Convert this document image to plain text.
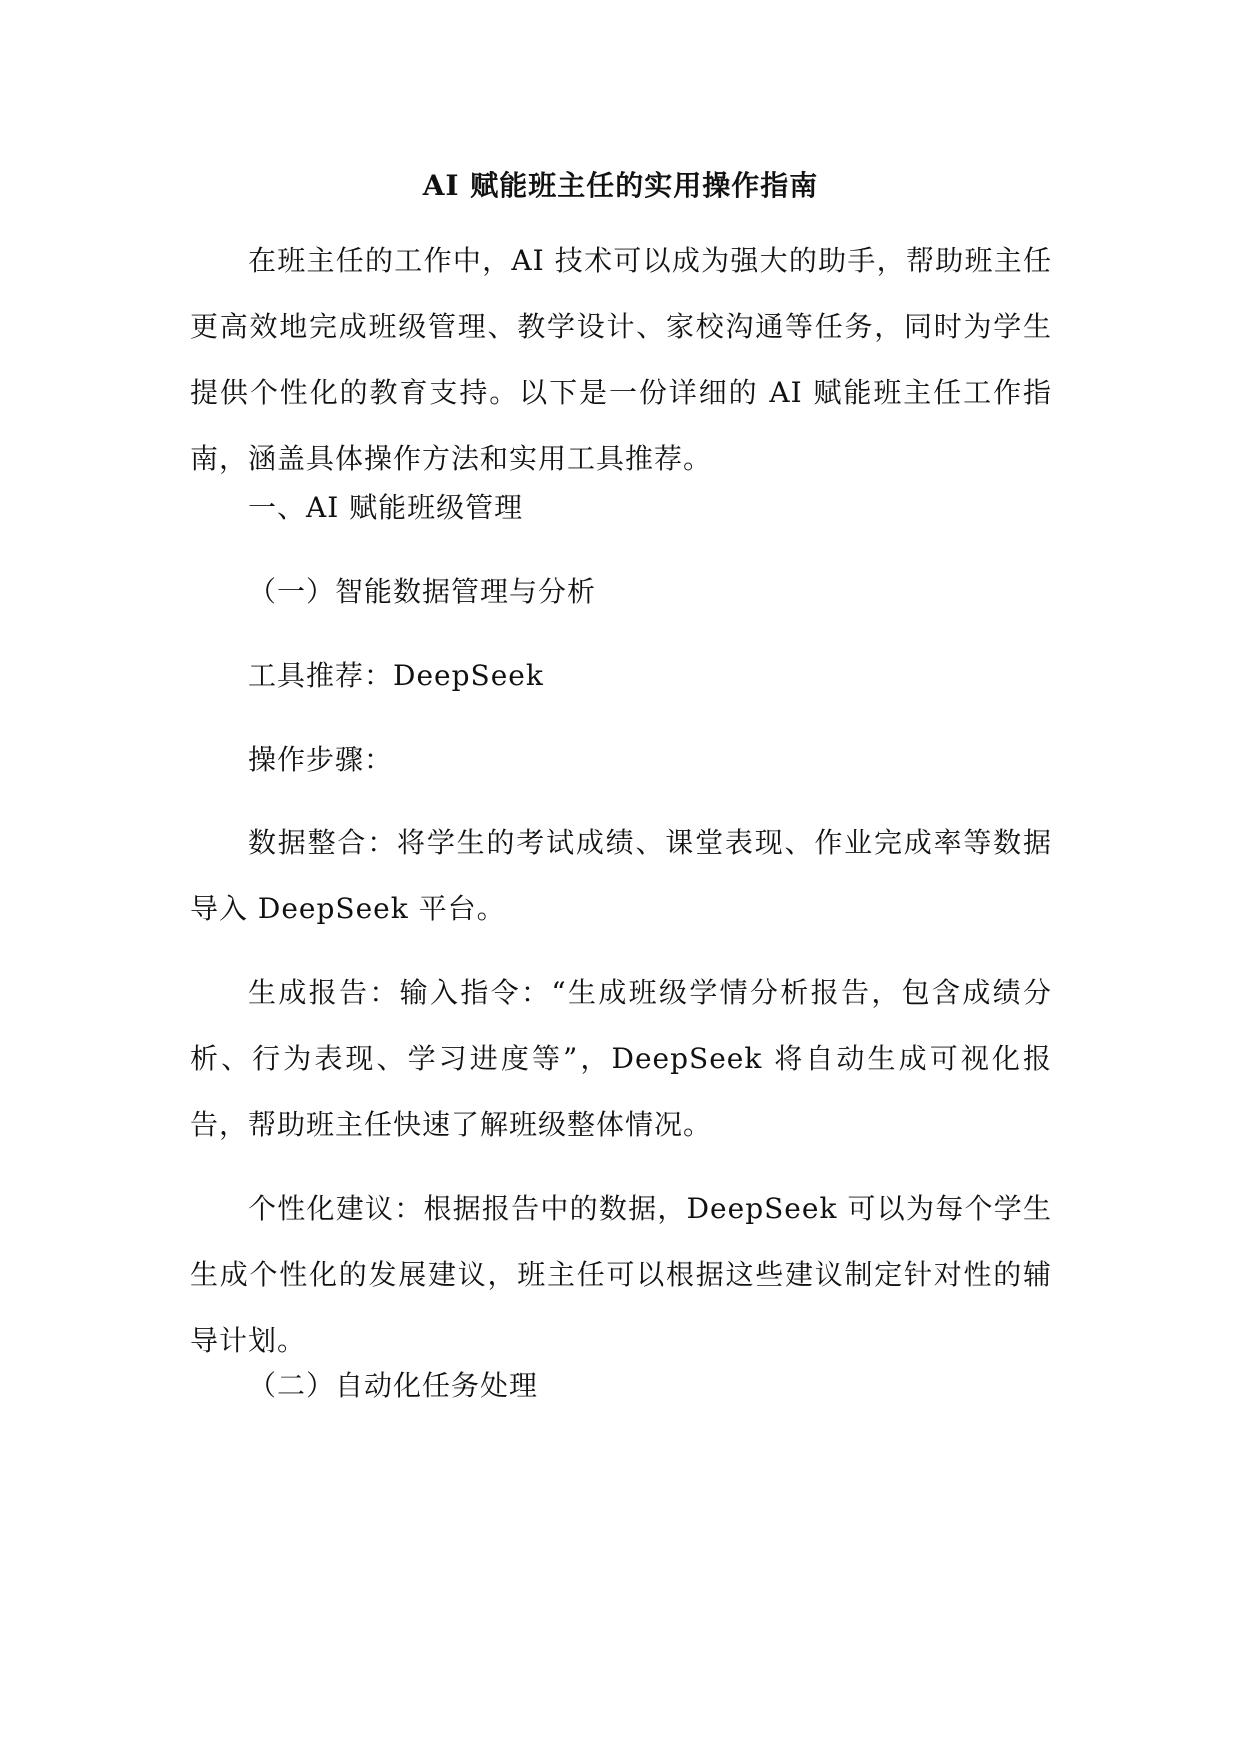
AI 赋能班主任的实用操作指南

在班主任的工作中，AI 技术可以成为强大的助手，帮助班主任更高效地完成班级管理、教学设计、家校沟通等任务，同时为学生提供个性化的教育支持。以下是一份详细的 AI 赋能班主任工作指南，涵盖具体操作方法和实用工具推荐。

一、AI 赋能班级管理
（一）智能数据管理与分析
工具推荐：DeepSeek
操作步骤：

数据整合：将学生的考试成绩、课堂表现、作业完成率等数据导入 DeepSeek 平台。

生成报告：输入指令：“生成班级学情分析报告，包含成绩分析、行为表现、学习进度等”，DeepSeek 将自动生成可视化报告，帮助班主任快速了解班级整体情况。

个性化建议：根据报告中的数据，DeepSeek 可以为每个学生生成个性化的发展建议，班主任可以根据这些建议制定针对性的辅导计划。

（二）自动化任务处理
